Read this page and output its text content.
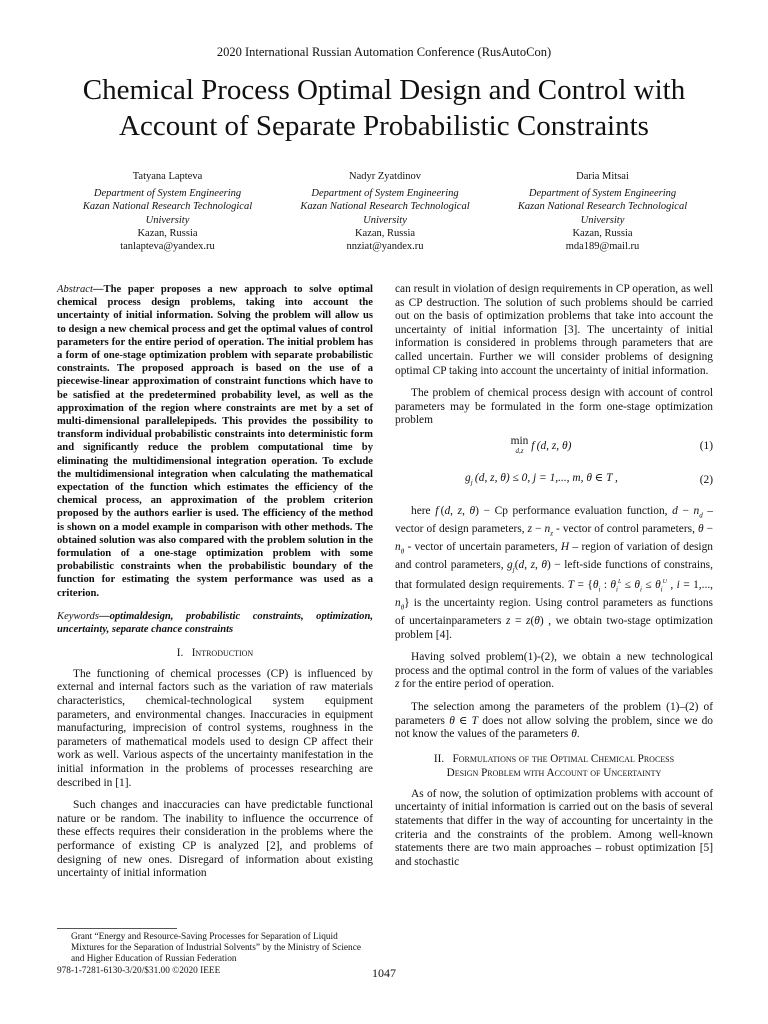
2020 International Russian Automation Conference (RusAutoCon)
Chemical Process Optimal Design and Control with Account of Separate Probabilistic Constraints
Tatyana Lapteva
Department of System Engineering
Kazan National Research Technological University
Kazan, Russia
tanlapteva@yandex.ru
Nadyr Zyatdinov
Department of System Engineering
Kazan National Research Technological University
Kazan, Russia
nnziat@yandex.ru
Daria Mitsai
Department of System Engineering
Kazan National Research Technological University
Kazan, Russia
mda189@mail.ru
Abstract—The paper proposes a new approach to solve optimal chemical process design problems, taking into account the uncertainty of initial information. Solving the problem will allow us to design a new chemical process and get the optimal values of control parameters for the entire period of operation. The initial problem has a form of one-stage optimization problem with separate probabilistic constraints. The proposed approach is based on the use of a piecewise-linear approximation of constraint functions which have to be satisfied at the predetermined probability level, as well as the approximation of the region where constraints are met by a set of multi-dimensional parallelepipeds. This provides the possibility to transform individual probabilistic constraints into deterministic form and significantly reduce the problem computational time by eliminating the multidimensional integration operation. To exclude the multidimensional integration when calculating the mathematical expectation of the function which estimates the efficiency of the chemical process, an approximation of the problem criterion proposed by the authors earlier is used. The efficiency of the method is shown on a model example in comparison with other methods. The obtained solution was also compared with the problem solution in the formulation of a one-stage optimization problem with some probabilistic constraints when the probabilistic boundary of the function for estimating the system performance was used as a criterion.
Keywords—optimaldesign, probabilistic constraints, optimization, uncertainty, separate chance constraints
I. Introduction

The functioning of chemical processes (CP) is influenced by external and internal factors such as the variation of raw materials characteristics, chemical-technological system equipment parameters, and environmental changes. Inaccuracies in equipment manufacturing, imprecision of control systems, roughness in the parameters of mathematical models used to design CP affect their work as well. Various aspects of the uncertainty manifestation in the initial information in the problems of processes researching are described in [1].

Such changes and inaccuracies can have predictable functional nature or be random. The inability to influence the occurrence of these effects requires their consideration in the problems where the performance of existing CP is analyzed [2], and problems of designing of new ones. Disregard of information about existing uncertainty of initial information

can result in violation of design requirements in CP operation, as well as CP destruction. The solution of such problems should be carried out on the basis of optimization problems that take into account the uncertainty of initial information [3]. The uncertainty of initial information is considered in problems through parameters that are called uncertain. Further we will consider problems of designing optimal CP taking into account the uncertainty of initial information.

The problem of chemical process design with account of control parameters may be formulated in the form one-stage optimization problem

min
d,z f (d, z, θ)	(1)
$g_j$ (d, z, θ) ≤ 0, j = 1,..., m, θ ∈ T ,	(2)

here f (d, z, θ) − Cp performance evaluation function, $d - n_d$ – vector of design parameters, $z - n_z$ - vector of control parameters, $\theta - n_\theta$ - vector of uncertain parameters, H – region of variation of design and control parameters, $g_j(d$, z, θ) − left-side functions of constrains, that formulated design requirements. $T = \{\theta_i$ : $\theta_i^L \le \theta_i \le \theta_i^U$ , i = 1,..., $n_\theta$} is the uncertainty region. Using control parameters as functions of uncertainparameters z = z(θ) , we obtain two-stage optimization problem [4].

Having solved problem(1)-(2), we obtain a new technological process and the optimal control in the form of values of the variables z for the entire period of operation.

The selection among the parameters of the problem (1)–(2) of parameters θ ∈ T does not allow solving the problem, since we do not know the values of the parameters θ.

II. Formulations of the Optimal Chemical Process
Design Problem with Account of Uncertainty

As of now, the solution of optimization problems with account of uncertainty of initial information is carried out on the basis of several statements that differ in the way of accounting for uncertainty in the criteria and the constraints of the problem. Among well-known statements there are two main approaches – robust optimization [5] and stochastic

Grant “Energy and Resource-Saving Processes for Separation of Liquid Mixtures for the Separation of Industrial Solvents” by the Ministry of Science and Higher Education of Russian Federation
978-1-7281-6130-3/20/$31.00 ©2020 IEEE	1047
